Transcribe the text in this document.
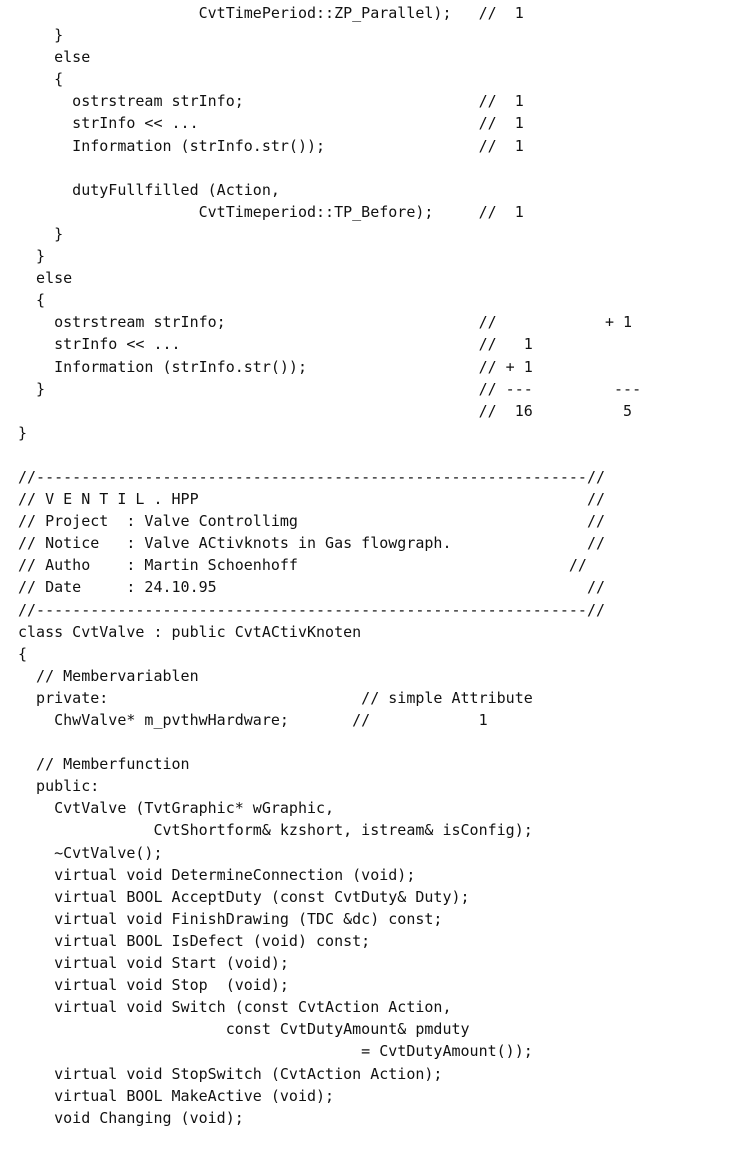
CvtTimePeriod::ZP_Parallel);   //  1
}
else
{
ostrstream strInfo;                          //  1
strInfo << ...                               //  1
Information (strInfo.str());                 //  1
dutyFullfilled (Action,
CvtTimeperiod::TP_Before);     //  1
}
}
else
{
ostrstream strInfo;                            //            + 1
strInfo << ...                                 //   1
Information (strInfo.str());                   // + 1
}                                                // ---         ---
//  16          5
}
//-------------------------------------------------------------//
// V E N T I L . HPP                                           //
// Project  : Valve Controllimg                                //
// Notice   : Valve ACtivknots in Gas flowgraph.               //
// Autho    : Martin Schoenhoff                              //
// Date     : 24.10.95                                         //
//-------------------------------------------------------------//
class CvtValve : public CvtACtivKnoten
{
// Membervariablen
private:                            // simple Attribute
ChwValve* m_pvthwHardware;       //            1
// Memberfunction
public:
CvtValve (TvtGraphic* wGraphic,
CvtShortform& kzshort, istream& isConfig);
~CvtValve();
virtual void DetermineConnection (void);
virtual BOOL AcceptDuty (const CvtDuty& Duty);
virtual void FinishDrawing (TDC &dc) const;
virtual BOOL IsDefect (void) const;
virtual void Start (void);
virtual void Stop  (void);
virtual void Switch (const CvtAction Action,
const CvtDutyAmount& pmduty
= CvtDutyAmount());
virtual void StopSwitch (CvtAction Action);
virtual BOOL MakeActive (void);
void Changing (void);
